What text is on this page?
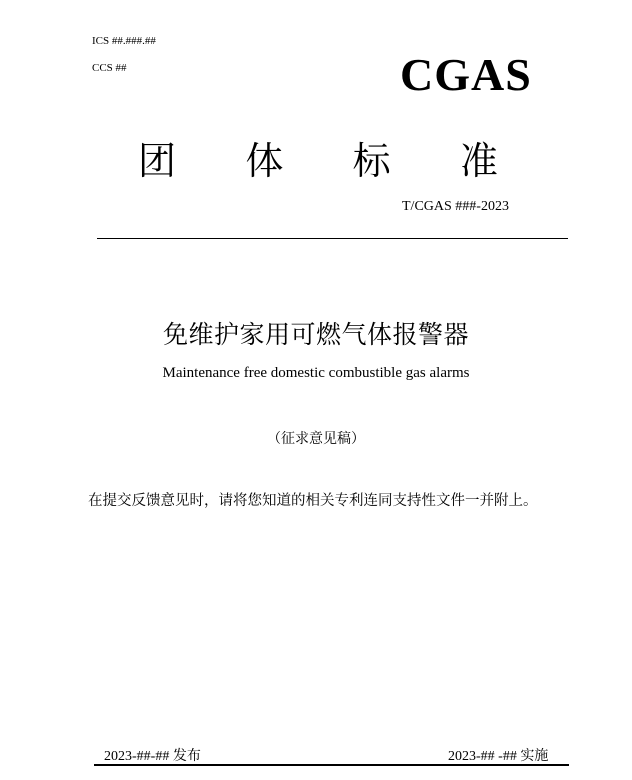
ICS ##.###.##
CCS ##	CGAS
团 体 标 准
T/CGAS ###-2023
免维护家用可燃气体报警器
Maintenance free domestic combustible gas alarms
（征求意见稿）
在提交反馈意见时，请将您知道的相关专利连同支持性文件一并附上。
2023-##-## 发布	2023-## -## 实施
